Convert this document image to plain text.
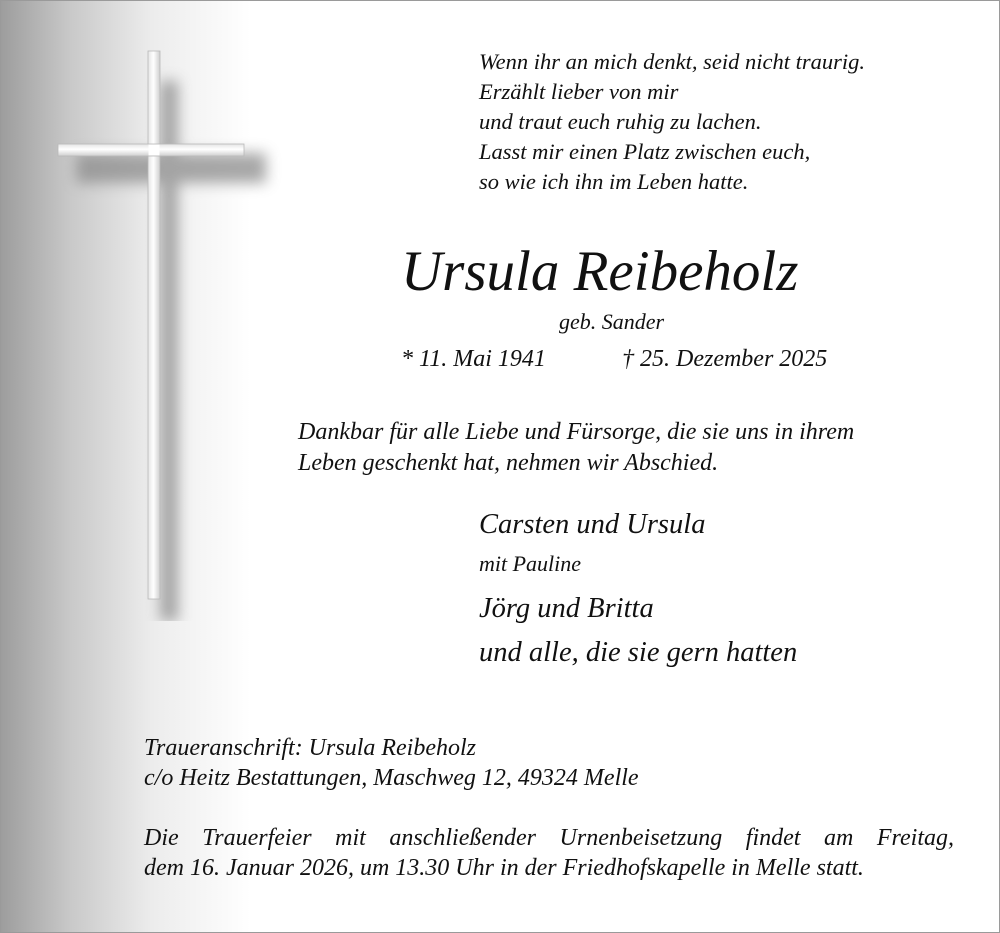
Wenn ihr an mich denkt, seid nicht traurig.
Erzählt lieber von mir
und traut euch ruhig zu lachen.
Lasst mir einen Platz zwischen euch,
so wie ich ihn im Leben hatte.
Ursula Reibeholz
geb. Sander
* 11. Mai 1941	† 25. Dezember 2025
Dankbar für alle Liebe und Fürsorge, die sie uns in ihrem
Leben geschenkt hat, nehmen wir Abschied.
Carsten und Ursula
mit Pauline
Jörg und Britta
und alle, die sie gern hatten
Traueranschrift: Ursula Reibeholz
c/o Heitz Bestattungen, Maschweg 12, 49324 Melle
Die Trauerfeier mit anschließender Urnenbeisetzung findet am Freitag,
dem 16. Januar 2026, um 13.30 Uhr in der Friedhofskapelle in Melle statt.
